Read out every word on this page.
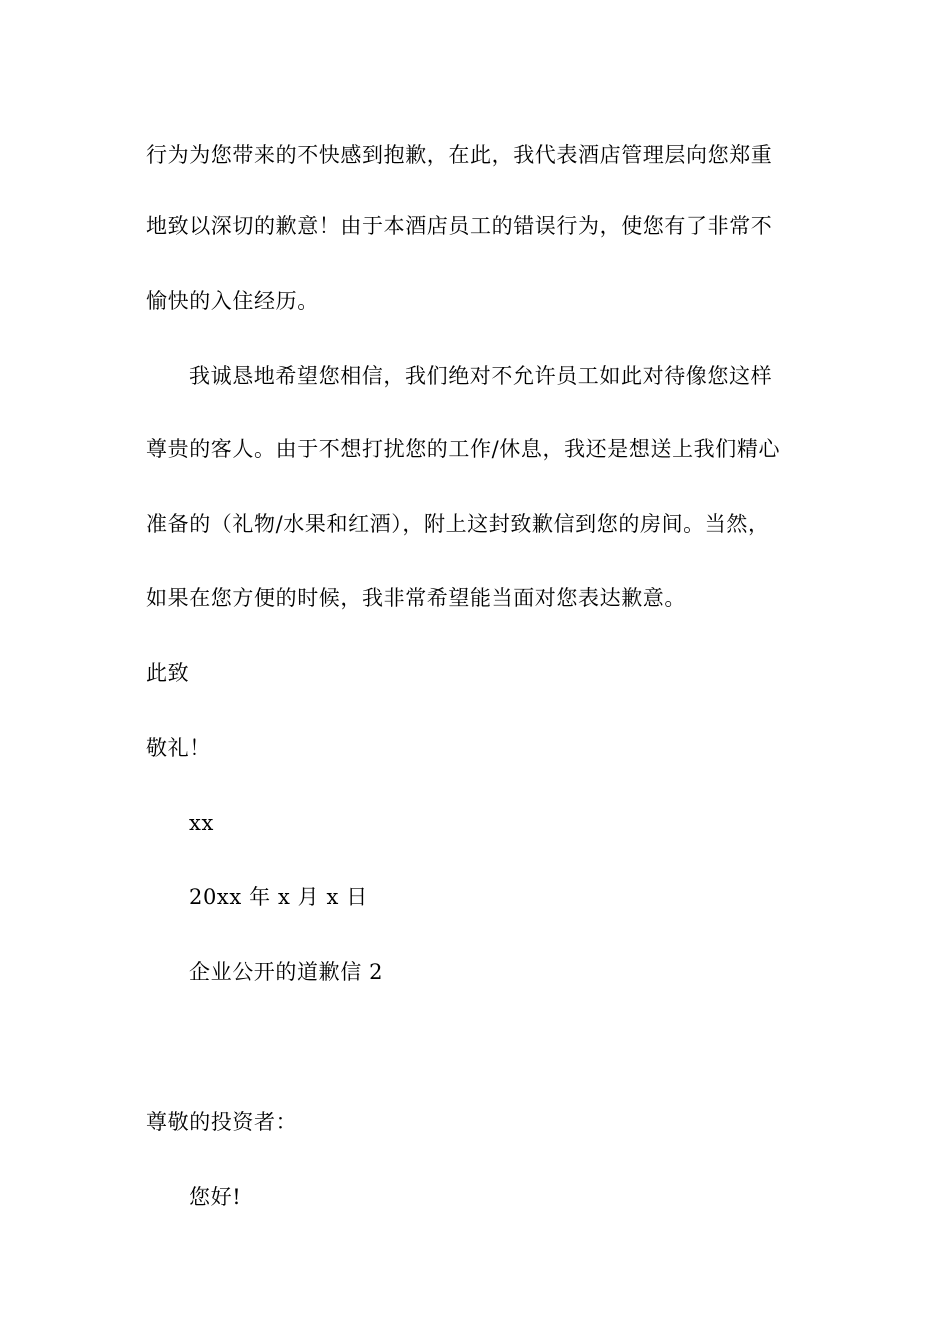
行为为您带来的不快感到抱歉，在此，我代表酒店管理层向您郑重
地致以深切的歉意！由于本酒店员工的错误行为，使您有了非常不
愉快的入住经历。
我诚恳地希望您相信，我们绝对不允许员工如此对待像您这样
尊贵的客人。由于不想打扰您的工作/休息，我还是想送上我们精心
准备的（礼物/水果和红酒），附上这封致歉信到您的房间。当然，
如果在您方便的时候，我非常希望能当面对您表达歉意。
此致
敬礼！
xx
20xx 年 x 月 x 日
企业公开的道歉信 2
尊敬的投资者：
您好!
